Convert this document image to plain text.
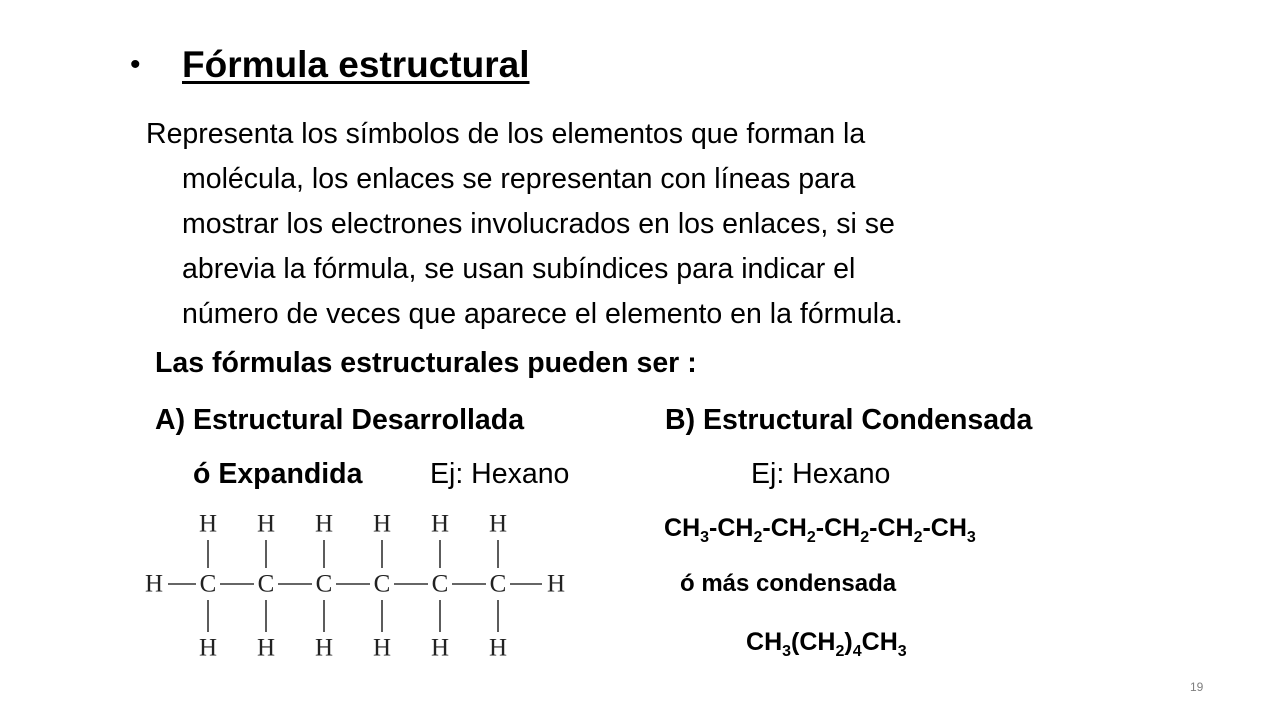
• Fórmula estructural
Representa los símbolos de los elementos que forman la
molécula, los enlaces se representan con líneas para
mostrar los electrones involucrados en los enlaces, si se
abrevia la fórmula, se usan subíndices para indicar el
número de veces que aparece el elemento en la fórmula.
Las fórmulas estructurales pueden ser :
A) Estructural Desarrollada	B) Estructural Condensada
ó Expandida Ej: Hexano	Ej: Hexano
$CH_3-CH_2-CH_2-CH_2-CH_2-CH_3$
ó más condensada
$CH_3(CH_2)_4CH_3$
H
H
C
H
H
C
H
H
C
H
H
C
H
H
C
H
H
C
H
H
19
